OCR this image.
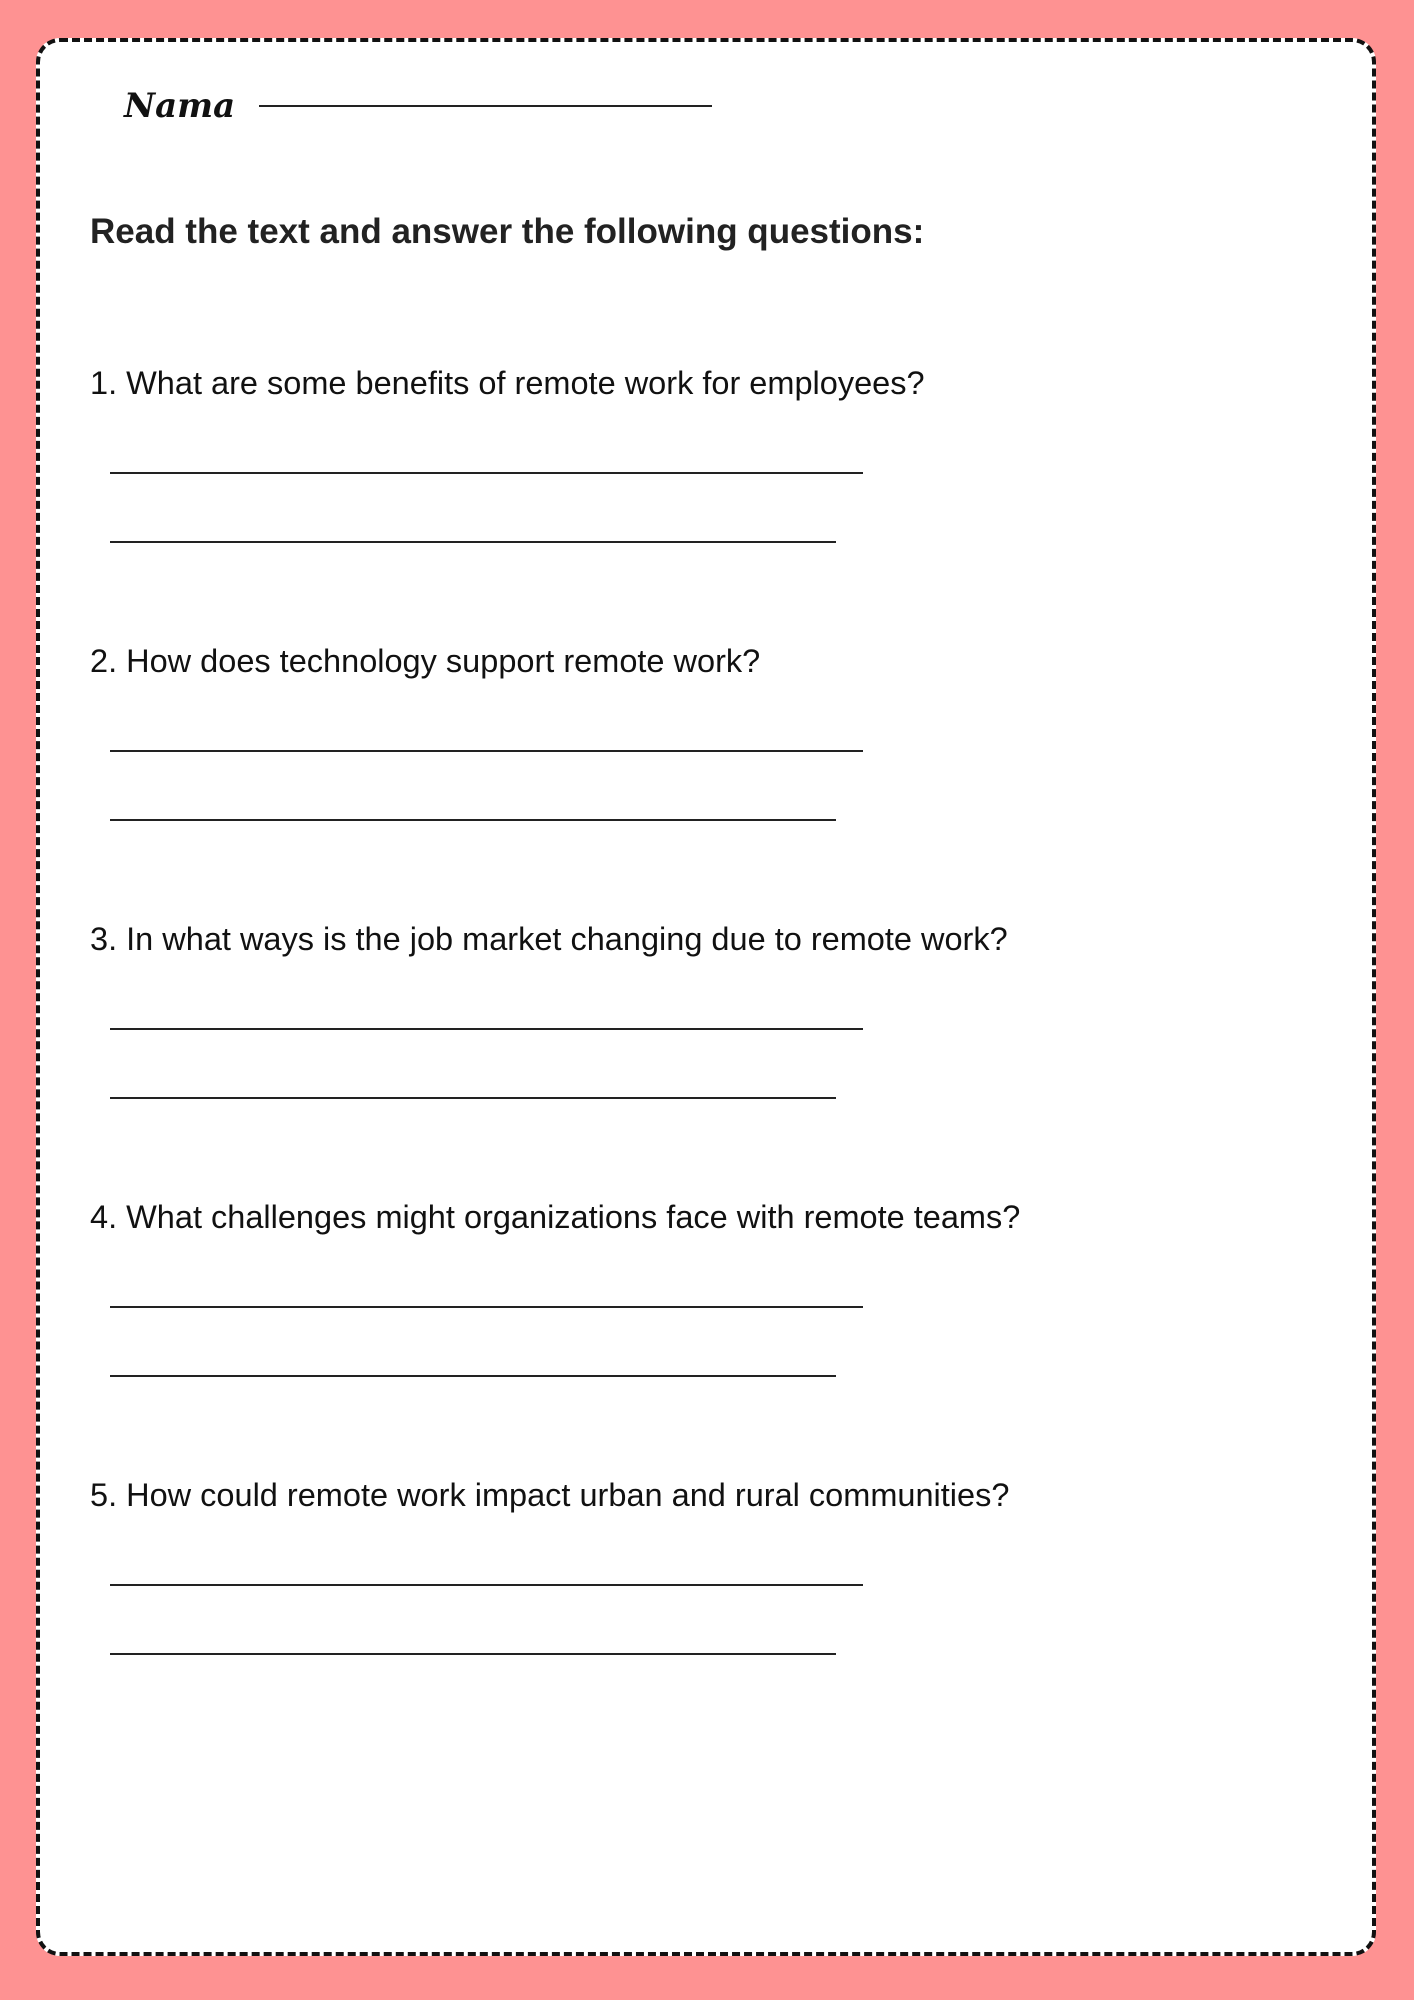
Nama
Read the text and answer the following questions:
1. What are some benefits of remote work for employees?
2. How does technology support remote work?
3. In what ways is the job market changing due to remote work?
4. What challenges might organizations face with remote teams?
5. How could remote work impact urban and rural communities?
